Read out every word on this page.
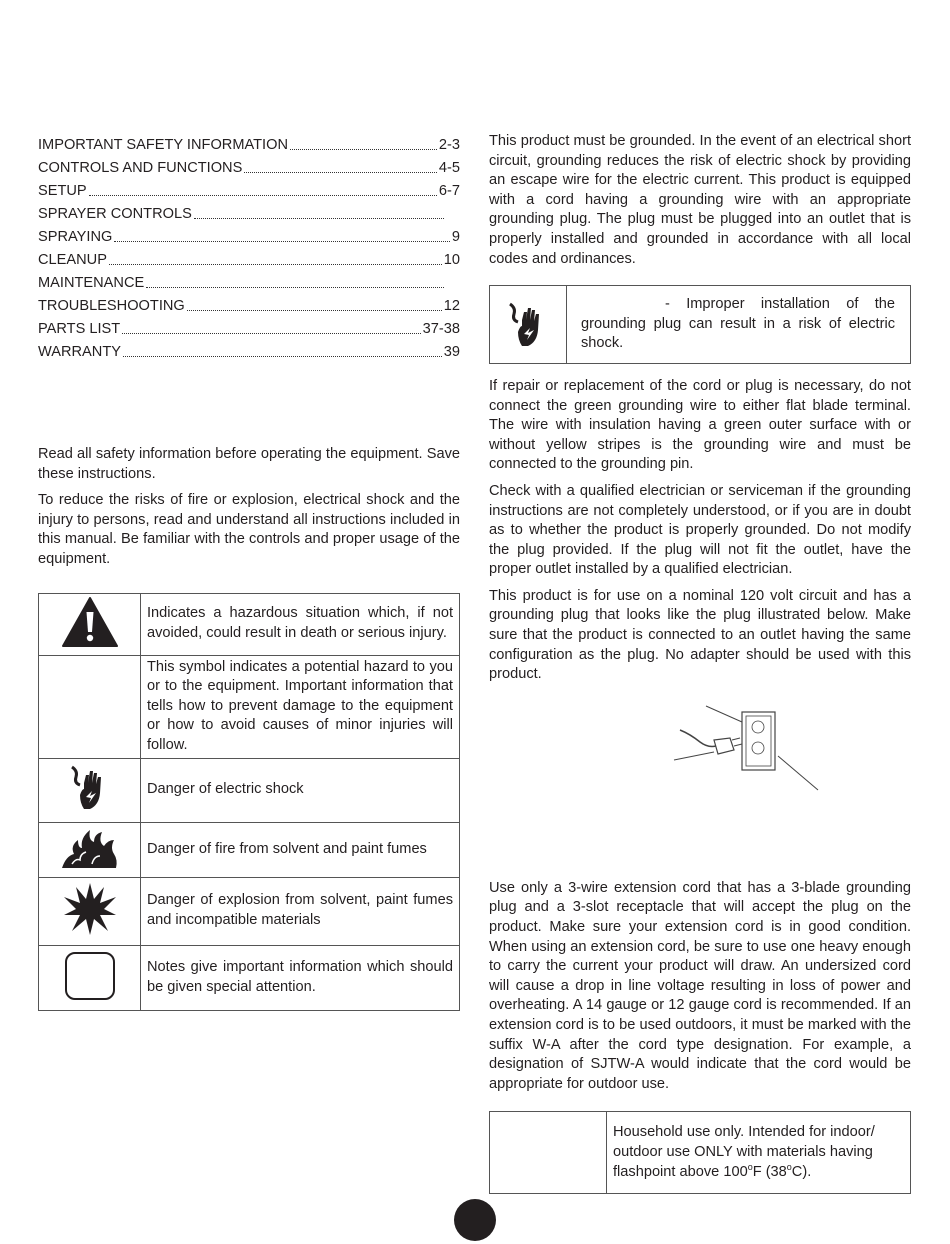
IMPORTANT SAFETY INFORMATION	2-3
CONTROLS AND FUNCTIONS	4-5
SETUP	6-7
SPRAYER CONTROLS
SPRAYING	9
CLEANUP	10
MAINTENANCE
TROUBLESHOOTING	12
PARTS LIST	37-38
WARRANTY	39

Read all safety information before operating the equipment. Save these instructions.

To reduce the risks of fire or explosion, electrical shock and the injury to persons, read and understand all instructions included in this manual. Be familiar with the controls and proper usage of the equipment.

	Indicates a hazardous situation which, if not avoided, could result in death or serious injury.
	This symbol indicates a potential hazard to you or to the equipment. Important information that tells how to prevent damage to the equipment or how to avoid causes of minor injuries will follow.
	Danger of electric shock
	Danger of fire from solvent and paint fumes
	Danger of explosion from solvent, paint fumes and incompatible materials
	Notes give important information which should be given special attention.

This product must be grounded. In the event of an electrical short circuit, grounding reduces the risk of electric shock by providing an escape wire for the electric current. This product is equipped with a cord having a grounding wire with an appropriate grounding plug. The plug must be plugged into an outlet that is properly installed and grounded in accordance with all local codes and ordinances.

- Improper installation of the grounding plug can result in a risk of electric shock.

If repair or replacement of the cord or plug is necessary, do not connect the green grounding wire to either flat blade terminal. The wire with insulation having a green outer surface with or without yellow stripes is the grounding wire and must be connected to the grounding pin.

Check with a qualified electrician or serviceman if the grounding instructions are not completely understood, or if you are in doubt as to whether the product is properly grounded. Do not modify the plug provided. If the plug will not fit the outlet, have the proper outlet installed by a qualified electrician.

This product is for use on a nominal 120 volt circuit and has a grounding plug that looks like the plug illustrated below. Make sure that the product is connected to an outlet having the same configuration as the plug. No adapter should be used with this product.

Use only a 3-wire extension cord that has a 3-blade grounding plug and a 3-slot receptacle that will accept the plug on the product. Make sure your extension cord is in good condition. When using an extension cord, be sure to use one heavy enough to carry the current your product will draw. An undersized cord will cause a drop in line voltage resulting in loss of power and overheating. A 14 gauge or 12 gauge cord is recommended. If an extension cord is to be used outdoors, it must be marked with the suffix W-A after the cord type designation. For example, a designation of SJTW-A would indicate that the cord would be appropriate for outdoor use.

Household use only. Intended for indoor/ outdoor use ONLY with materials having flashpoint above 100$^o$F (38$^o$C).
